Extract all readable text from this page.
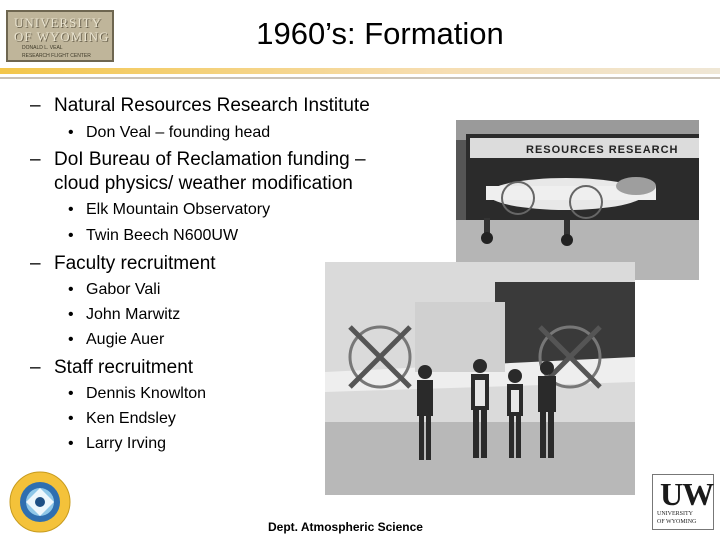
UNIVERSITY
OF WYOMING
DONALD L. VEAL
RESEARCH FLIGHT CENTER
1960’s: Formation
– Natural Resources Research Institute
• Don Veal – founding head
– DoI Bureau of Reclamation funding –
cloud physics/ weather modification
• Elk Mountain Observatory
• Twin Beech N600UW
– Faculty recruitment
• Gabor Vali
• John Marwitz
• Augie Auer
– Staff recruitment
• Dennis Knowlton
• Ken Endsley
• Larry Irving
RESOURCES RESEARCH
Dept. Atmospheric Science
UW
UNIVERSITY
OF WYOMING
